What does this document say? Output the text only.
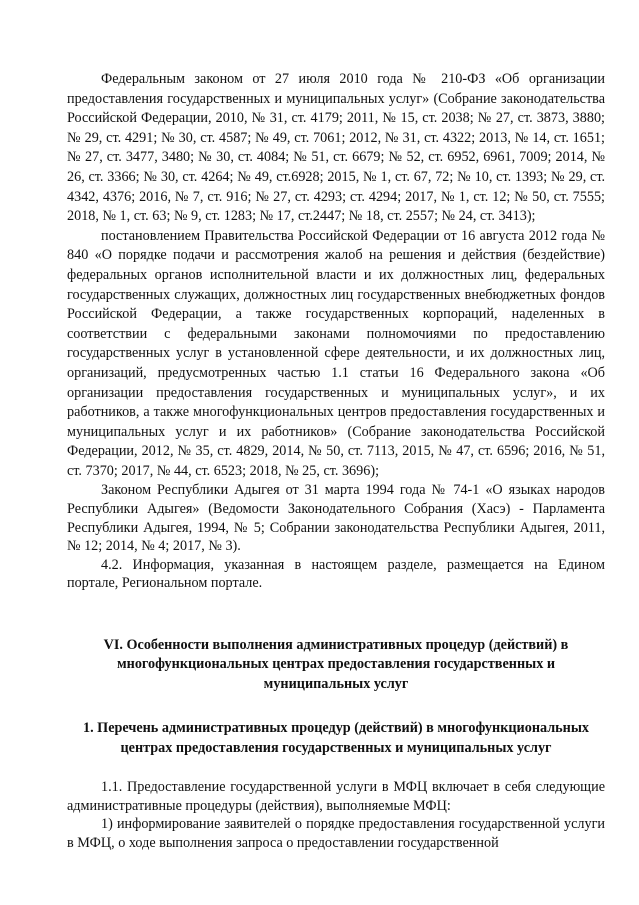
Федеральным законом от 27 июля 2010 года № 210-ФЗ «Об организации предоставления государственных и муниципальных услуг» (Собрание законодательства Российской Федерации, 2010, № 31, ст. 4179; 2011, № 15, ст. 2038; № 27, ст. 3873, 3880; № 29, ст. 4291; № 30, ст. 4587; № 49, ст. 7061; 2012, № 31, ст. 4322; 2013, № 14, ст. 1651; № 27, ст. 3477, 3480; № 30, ст. 4084; № 51, ст. 6679; № 52, ст. 6952, 6961, 7009; 2014, № 26, ст. 3366; № 30, ст. 4264; № 49, ст.6928; 2015, № 1, ст. 67, 72; № 10, ст. 1393; № 29, ст. 4342, 4376; 2016, № 7, ст. 916; № 27, ст. 4293; ст. 4294; 2017, № 1, ст. 12; № 50, ст. 7555; 2018, № 1, ст. 63; № 9, ст. 1283; № 17, ст.2447; № 18, ст. 2557; № 24, ст. 3413);

постановлением Правительства Российской Федерации от 16 августа 2012 года № 840 «О порядке подачи и рассмотрения жалоб на решения и действия (бездействие) федеральных органов исполнительной власти и их должностных лиц, федеральных государственных служащих, должностных лиц государственных внебюджетных фондов Российской Федерации, а также государственных корпораций, наделенных в соответствии с федеральными законами полномочиями по предоставлению государственных услуг в установленной сфере деятельности, и их должностных лиц, организаций, предусмотренных частью 1.1 статьи 16 Федерального закона «Об организации предоставления государственных и муниципальных услуг», и их работников, а также многофункциональных центров предоставления государственных и муниципальных услуг и их работников» (Собрание законодательства Российской Федерации, 2012, № 35, ст. 4829, 2014, № 50, ст. 7113, 2015, № 47, ст. 6596; 2016, № 51, ст. 7370; 2017, № 44, ст. 6523; 2018, № 25, ст. 3696);

Законом Республики Адыгея от 31 марта 1994 года № 74-1 «О языках народов Республики Адыгея» (Ведомости Законодательного Собрания (Хасэ) - Парламента Республики Адыгея, 1994, № 5; Собрании законодательства Республики Адыгея, 2011, № 12; 2014, № 4; 2017, № 3).

4.2. Информация, указанная в настоящем разделе, размещается на Едином портале, Региональном портале.

VI. Особенности выполнения административных процедур (действий) в многофункциональных центрах предоставления государственных и муниципальных услуг

1. Перечень административных процедур (действий) в многофункциональных центрах предоставления государственных и муниципальных услуг

1.1. Предоставление государственной услуги в МФЦ включает в себя следующие административные процедуры (действия), выполняемые МФЦ:

1) информирование заявителей о порядке предоставления государственной услуги в МФЦ, о ходе выполнения запроса о предоставлении государственной
